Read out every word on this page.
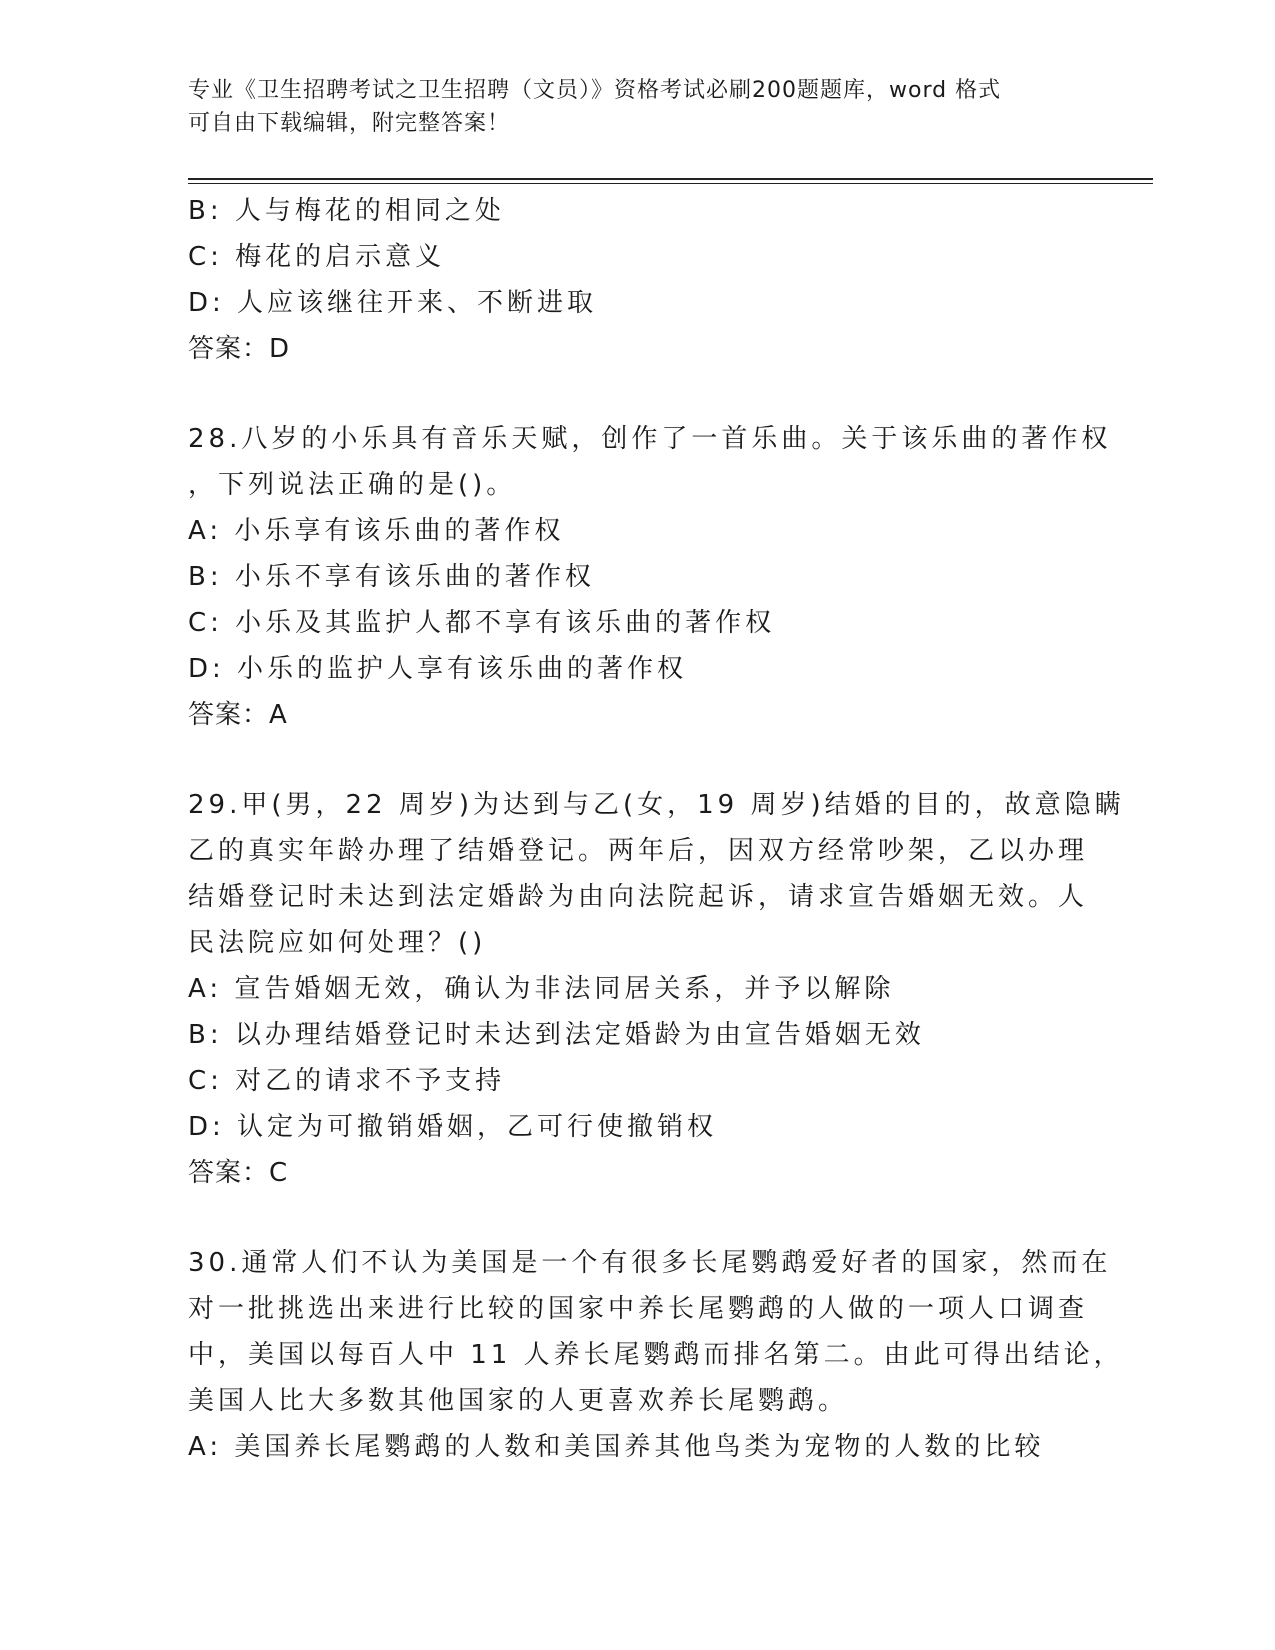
专业《卫生招聘考试之卫生招聘（文员）》资格考试必刷200题题库，word 格式
可自由下载编辑，附完整答案！
B: 人与梅花的相同之处
C: 梅花的启示意义
D: 人应该继往开来、不断进取
答案：D
28.八岁的小乐具有音乐天赋，创作了一首乐曲。关于该乐曲的著作权
，下列说法正确的是()。
A: 小乐享有该乐曲的著作权
B: 小乐不享有该乐曲的著作权
C: 小乐及其监护人都不享有该乐曲的著作权
D: 小乐的监护人享有该乐曲的著作权
答案：A
29.甲(男，22 周岁)为达到与乙(女，19 周岁)结婚的目的，故意隐瞒
乙的真实年龄办理了结婚登记。两年后，因双方经常吵架，乙以办理
结婚登记时未达到法定婚龄为由向法院起诉，请求宣告婚姻无效。人
民法院应如何处理？()
A: 宣告婚姻无效，确认为非法同居关系，并予以解除
B: 以办理结婚登记时未达到法定婚龄为由宣告婚姻无效
C: 对乙的请求不予支持
D: 认定为可撤销婚姻，乙可行使撤销权
答案：C
30.通常人们不认为美国是一个有很多长尾鹦鹉爱好者的国家，然而在
对一批挑选出来进行比较的国家中养长尾鹦鹉的人做的一项人口调查
中，美国以每百人中 11 人养长尾鹦鹉而排名第二。由此可得出结论，
美国人比大多数其他国家的人更喜欢养长尾鹦鹉。
A: 美国养长尾鹦鹉的人数和美国养其他鸟类为宠物的人数的比较
